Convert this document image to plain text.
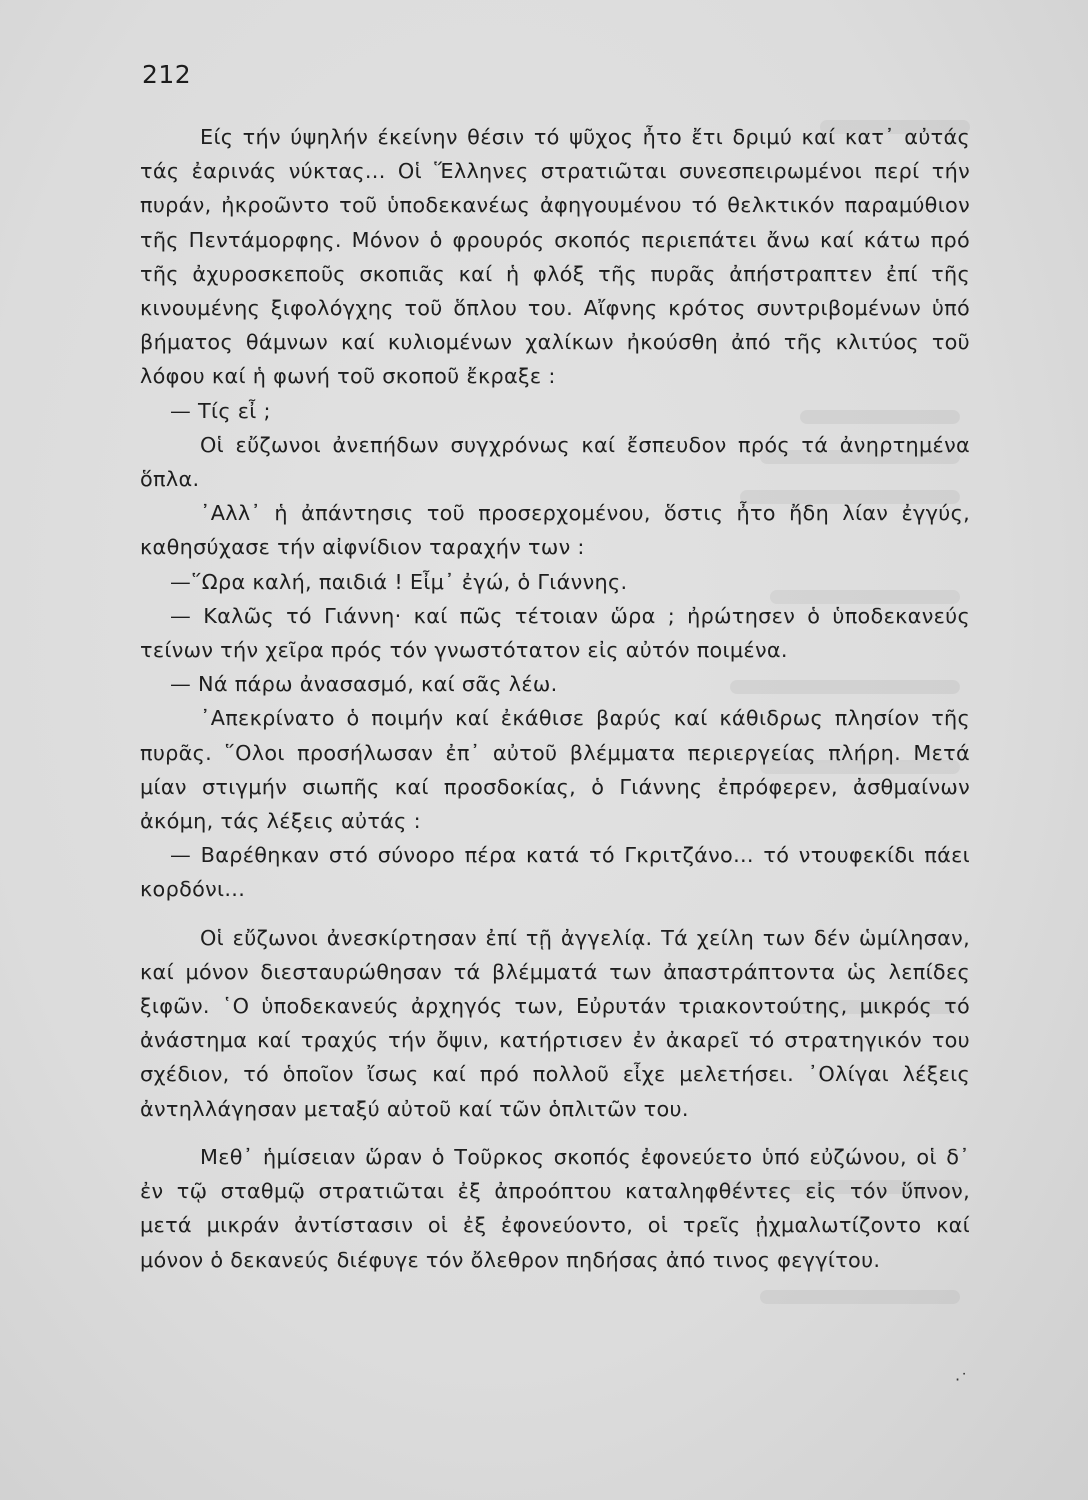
212

Είς τήν ύψηλήν έκείνην θέσιν τό ψῦχος ἦτο ἔτι δριμύ καί κατ᾿ αὐτάς τάς ἐαρινάς νύκτας... Οἱ Ἕλληνες στρατιῶται συνεσπειρωμένοι περί τήν πυράν, ἠκροῶντο τοῦ ὑποδεκανέως ἀφηγουμένου τό θελκτικόν παραμύθιον τῆς Πεντάμορφης. Μόνον ὁ φρουρός σκοπός περιεπάτει ἄνω καί κάτω πρό τῆς ἀχυροσκεποῦς σκοπιᾶς καί ἡ φλόξ τῆς πυρᾶς ἀπήστραπτεν ἐπί τῆς κινουμένης ξιφολόγχης τοῦ ὅπλου του. Αἴφνης κρότος συντριβομένων ὑπό βήματος θάμνων καί κυλιομένων χαλίκων ἠκούσθη ἀπό τῆς κλιτύος τοῦ λόφου καί ἡ φωνή τοῦ σκοποῦ ἔκραξε :

— Τίς εἶ ;

Οἱ εὔζωνοι ἀνεπήδων συγχρόνως καί ἔσπευδον πρός τά ἀνηρτημένα ὅπλα.

᾿Αλλ᾿ ἡ ἀπάντησις τοῦ προσερχομένου, ὅστις ἦτο ἤδη λίαν ἐγγύς, καθησύχασε τήν αἰφνίδιον ταραχήν των :

—῞Ωρα καλή, παιδιά ! Εἶμ᾿ ἐγώ, ὁ Γιάννης.

— Καλῶς τό Γιάννη· καί πῶς τέτοιαν ὥρα ; ἠρώτησεν ὁ ὑποδεκανεύς τείνων τήν χεῖρα πρός τόν γνωστότατον εἰς αὐτόν ποιμένα.

— Νά πάρω ἀνασασμό, καί σᾶς λέω.

᾿Απεκρίνατο ὁ ποιμήν καί ἐκάθισε βαρύς καί κάθιδρως πλησίον τῆς πυρᾶς. ῞Ολοι προσήλωσαν ἐπ᾿ αὐτοῦ βλέμματα περιεργείας πλήρη. Μετά μίαν στιγμήν σιωπῆς καί προσδοκίας, ὁ Γιάννης ἐπρόφερεν, ἀσθμαίνων ἀκόμη, τάς λέξεις αὐτάς :

— Βαρέθηκαν στό σύνορο πέρα κατά τό Γκριτζάνο... τό ντουφεκίδι πάει κορδόνι...

Οἱ εὔζωνοι ἀνεσκίρτησαν ἐπί τῇ ἀγγελίᾳ. Τά χείλη των δέν ὡμίλησαν, καί μόνον διεσταυρώθησαν τά βλέμματά των ἀπαστράπτοντα ὡς λεπίδες ξιφῶν. ῾Ο ὑποδεκανεύς ἀρχηγός των, Εὐρυτάν τριακοντούτης, μικρός τό ἀνάστημα καί τραχύς τήν ὄψιν, κατήρτισεν ἐν ἀκαρεῖ τό στρατηγικόν του σχέδιον, τό ὁποῖον ἴσως καί πρό πολλοῦ εἶχε μελετήσει. ᾿Ολίγαι λέξεις ἀντηλλάγησαν μεταξύ αὐτοῦ καί τῶν ὁπλιτῶν του.

Μεθ᾿ ἡμίσειαν ὥραν ὁ Τοῦρκος σκοπός ἐφονεύετο ὑπό εὐζώνου, οἱ δ᾿ ἐν τῷ σταθμῷ στρατιῶται ἐξ ἀπροόπτου καταληφθέντες εἰς τόν ὕπνον, μετά μικράν ἀντίστασιν οἱ ἐξ ἐφονεύοντο, οἱ τρεῖς ᾐχμαλωτίζοντο καί μόνον ὁ δεκανεύς διέφυγε τόν ὄλεθρον πηδήσας ἀπό τινος φεγγίτου.

·˙
